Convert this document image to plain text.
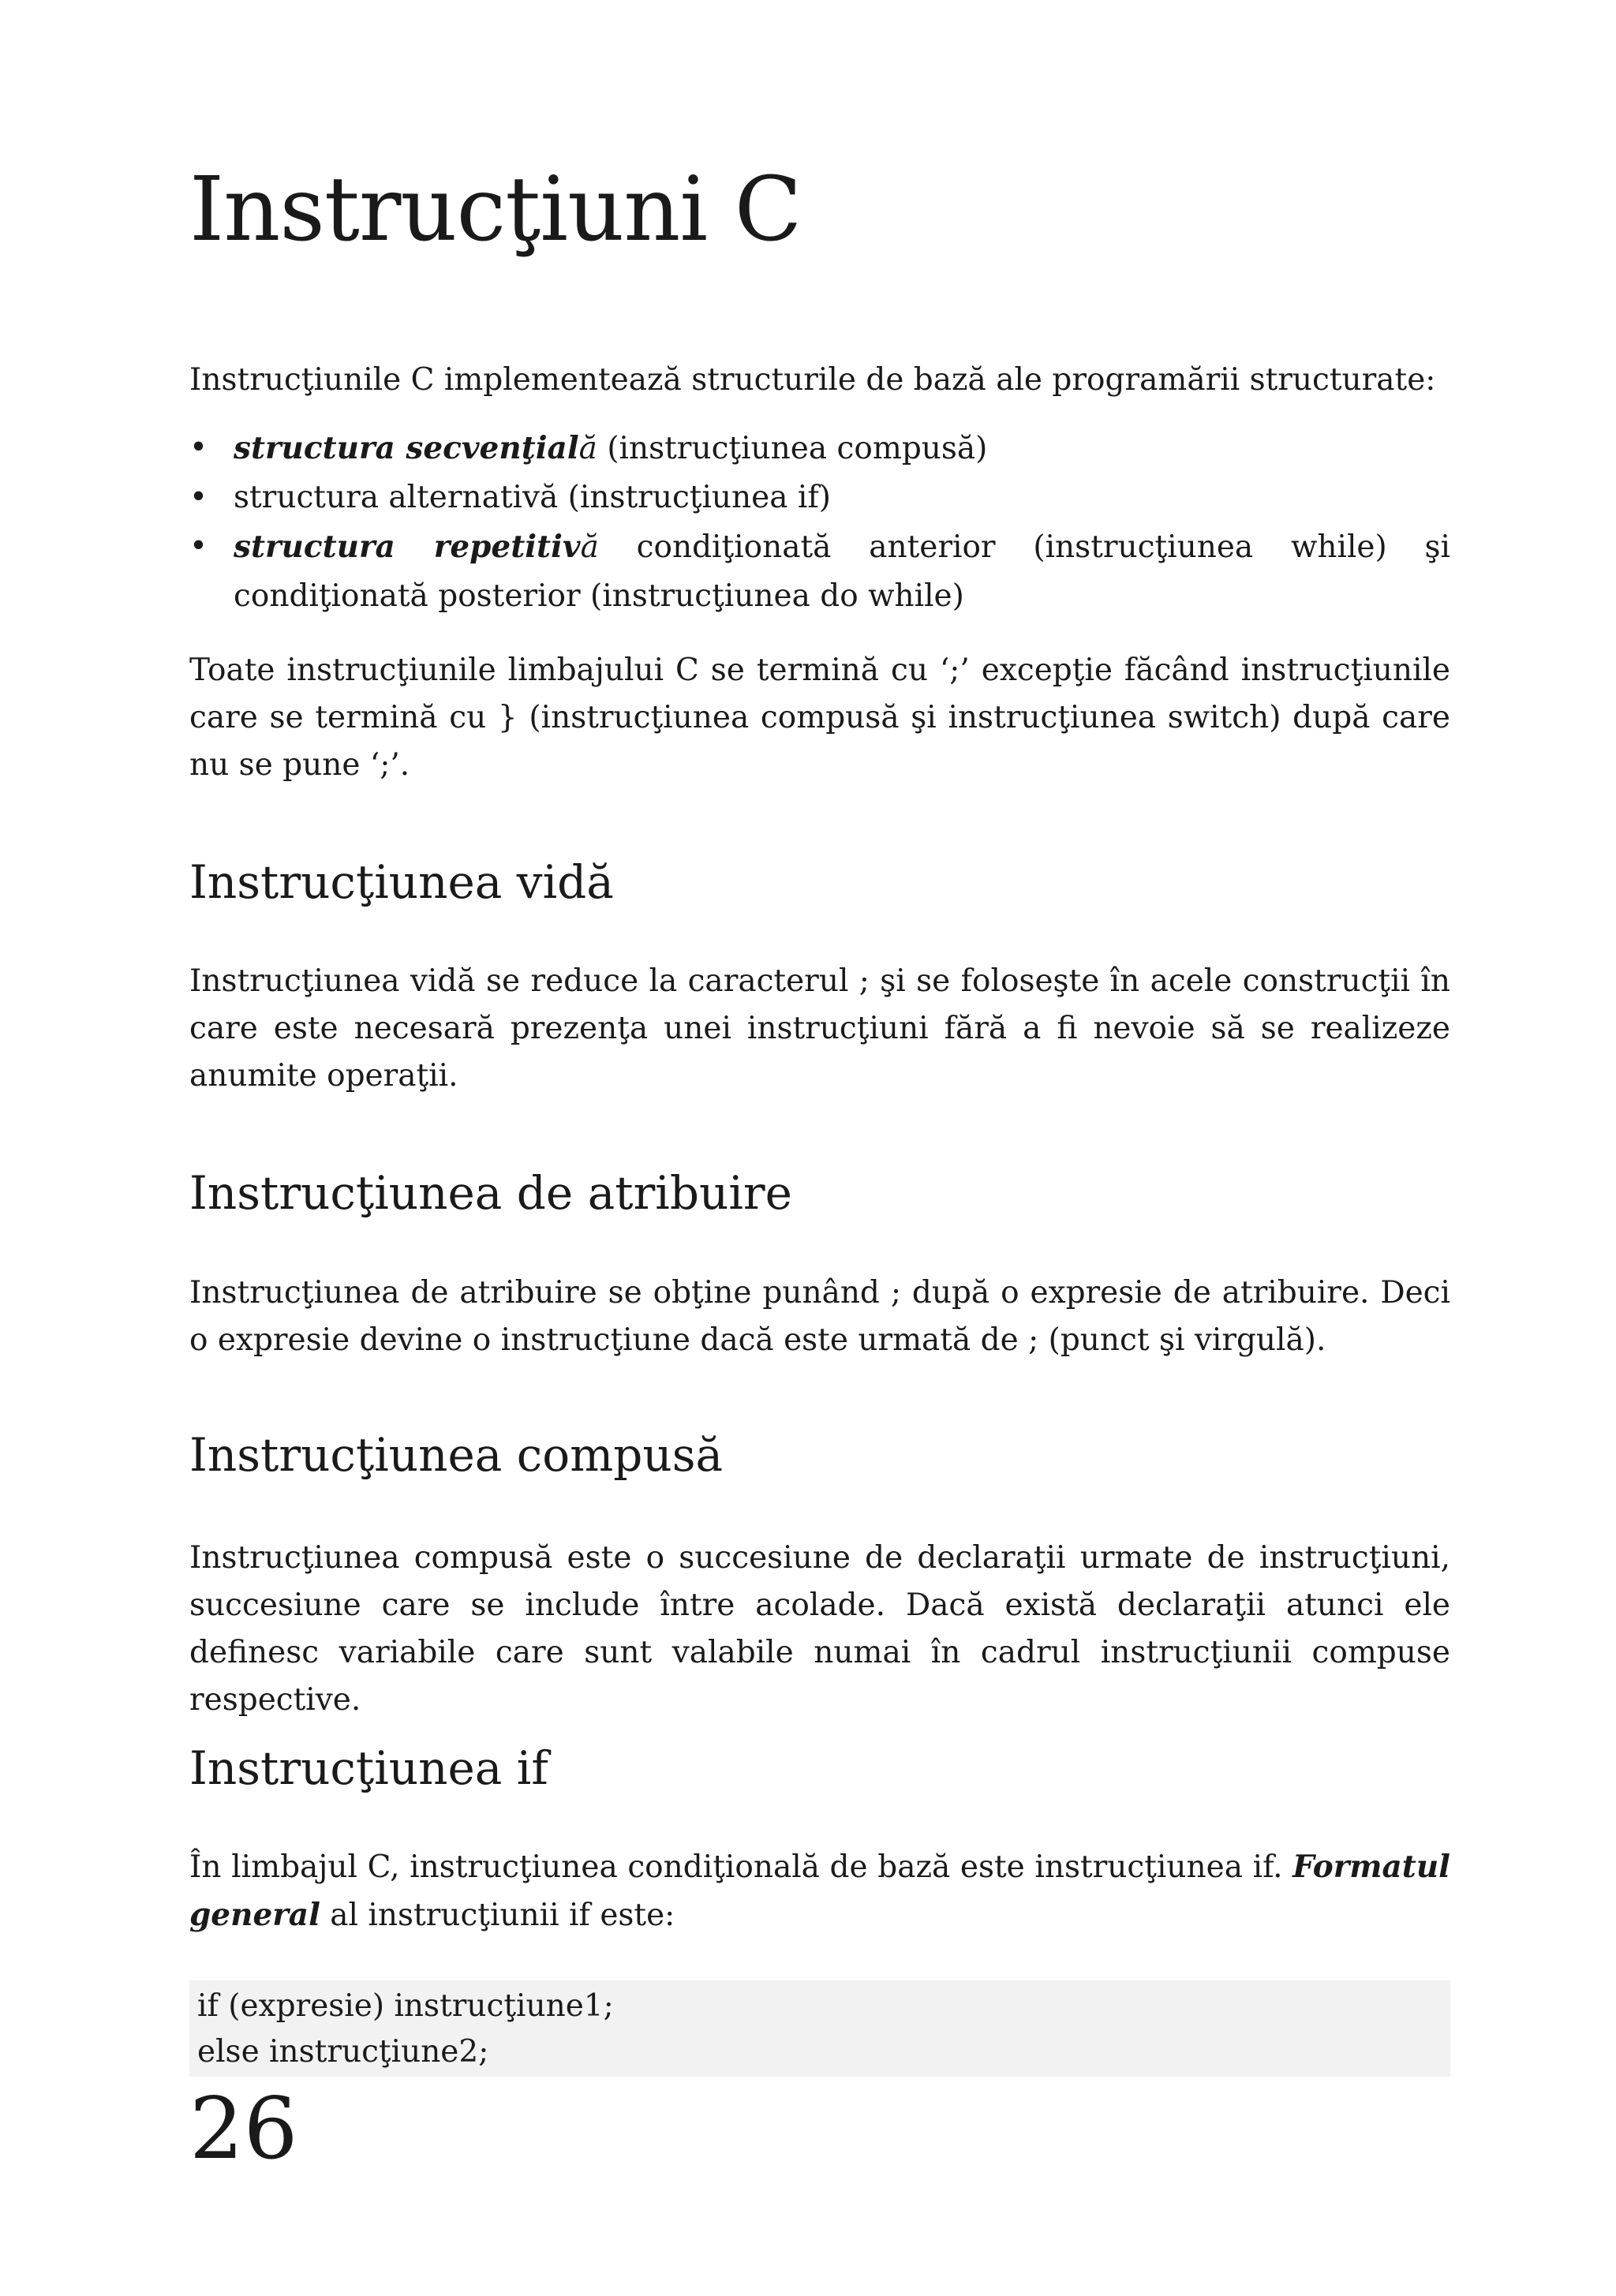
Instrucţiuni C

Instrucţiunile C implementează structurile de bază ale programării structurate:

• structura secvenţială (instrucţiunea compusă)
• structura alternativă (instrucţiunea if)
• structura repetitivă condiţionată anterior (instrucţiunea while) şi condiţionată posterior (instrucţiunea do while)

Toate instrucţiunile limbajului C se termină cu ‘;’ excepţie făcând instrucţiunile care se termină cu } (instrucţiunea compusă şi instrucţiunea switch) după care nu se pune ‘;’.

Instrucţiunea vidă

Instrucţiunea vidă se reduce la caracterul ; şi se foloseşte în acele construcţii în care este necesară prezenţa unei instrucţiuni fără a fi nevoie să se realizeze anumite operaţii.

Instrucţiunea de atribuire

Instrucţiunea de atribuire se obţine punând ; după o expresie de atribuire. Deci o expresie devine o instrucţiune dacă este urmată de ; (punct şi virgulă).

Instrucţiunea compusă

Instrucţiunea compusă este o succesiune de declaraţii urmate de instrucţiuni, succesiune care se include între acolade. Dacă există declaraţii atunci ele definesc variabile care sunt valabile numai în cadrul instrucţiunii compuse respective.

Instrucţiunea if

În limbajul C, instrucţiunea condiţională de bază este instrucţiunea if. Formatul general al instrucţiunii if este:

if (expresie) instrucţiune1;
else instrucţiune2;
26
